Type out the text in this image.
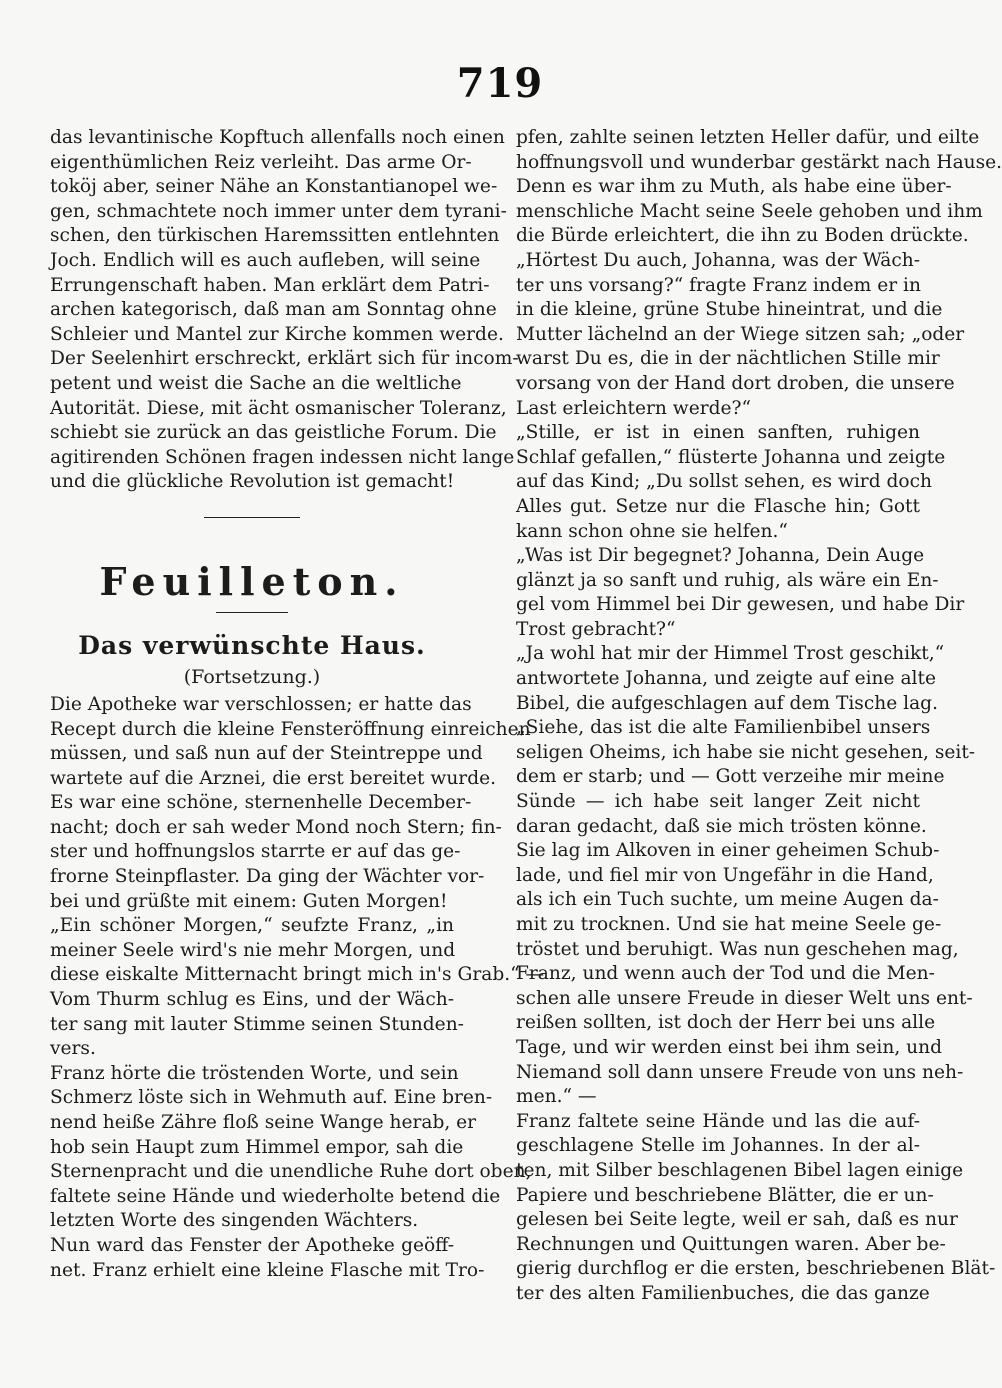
719
das levantinische Kopftuch allenfalls noch einen
eigenthümlichen Reiz verleiht. Das arme Or-
toköj aber, seiner Nähe an Konstantianopel we-
gen, schmachtete noch immer unter dem tyrani-
schen, den türkischen Haremssitten entlehnten
Joch. Endlich will es auch aufleben, will seine
Errungenschaft haben. Man erklärt dem Patri-
archen kategorisch, daß man am Sonntag ohne
Schleier und Mantel zur Kirche kommen werde.
Der Seelenhirt erschreckt, erklärt sich für incom-
petent und weist die Sache an die weltliche
Autorität. Diese, mit ächt osmanischer Toleranz,
schiebt sie zurück an das geistliche Forum. Die
agitirenden Schönen fragen indessen nicht lange
und die glückliche Revolution ist gemacht!
Feuilleton.
Das verwünschte Haus.
(Fortsetzung.)
Die Apotheke war verschlossen; er hatte das
Recept durch die kleine Fensteröffnung einreichen
müssen, und saß nun auf der Steintreppe und
wartete auf die Arznei, die erst bereitet wurde.
Es war eine schöne, sternenhelle December-
nacht; doch er sah weder Mond noch Stern; fin-
ster und hoffnungslos starrte er auf das ge-
frorne Steinpflaster. Da ging der Wächter vor-
bei und grüßte mit einem: Guten Morgen!
„Ein schöner Morgen,“ seufzte Franz, „in
meiner Seele wird's nie mehr Morgen, und
diese eiskalte Mitternacht bringt mich in's Grab.“ —
Vom Thurm schlug es Eins, und der Wäch-
ter sang mit lauter Stimme seinen Stunden-
vers.
Franz hörte die tröstenden Worte, und sein
Schmerz löste sich in Wehmuth auf. Eine bren-
nend heiße Zähre floß seine Wange herab, er
hob sein Haupt zum Himmel empor, sah die
Sternenpracht und die unendliche Ruhe dort oben,
faltete seine Hände und wiederholte betend die
letzten Worte des singenden Wächters.
Nun ward das Fenster der Apotheke geöff-
net. Franz erhielt eine kleine Flasche mit Tro-
pfen, zahlte seinen letzten Heller dafür, und eilte
hoffnungsvoll und wunderbar gestärkt nach Hause.
Denn es war ihm zu Muth, als habe eine über-
menschliche Macht seine Seele gehoben und ihm
die Bürde erleichtert, die ihn zu Boden drückte.
„Hörtest Du auch, Johanna, was der Wäch-
ter uns vorsang?“ fragte Franz indem er in
in die kleine, grüne Stube hineintrat, und die
Mutter lächelnd an der Wiege sitzen sah; „oder
warst Du es, die in der nächtlichen Stille mir
vorsang von der Hand dort droben, die unsere
Last erleichtern werde?“
„Stille, er ist in einen sanften, ruhigen
Schlaf gefallen,“ flüsterte Johanna und zeigte
auf das Kind; „Du sollst sehen, es wird doch
Alles gut. Setze nur die Flasche hin; Gott
kann schon ohne sie helfen.“
„Was ist Dir begegnet? Johanna, Dein Auge
glänzt ja so sanft und ruhig, als wäre ein En-
gel vom Himmel bei Dir gewesen, und habe Dir
Trost gebracht?“
„Ja wohl hat mir der Himmel Trost geschikt,“
antwortete Johanna, und zeigte auf eine alte
Bibel, die aufgeschlagen auf dem Tische lag.
„Siehe, das ist die alte Familienbibel unsers
seligen Oheims, ich habe sie nicht gesehen, seit-
dem er starb; und — Gott verzeihe mir meine
Sünde — ich habe seit langer Zeit nicht
daran gedacht, daß sie mich trösten könne.
Sie lag im Alkoven in einer geheimen Schub-
lade, und fiel mir von Ungefähr in die Hand,
als ich ein Tuch suchte, um meine Augen da-
mit zu trocknen. Und sie hat meine Seele ge-
tröstet und beruhigt. Was nun geschehen mag,
Franz, und wenn auch der Tod und die Men-
schen alle unsere Freude in dieser Welt uns ent-
reißen sollten, ist doch der Herr bei uns alle
Tage, und wir werden einst bei ihm sein, und
Niemand soll dann unsere Freude von uns neh-
men.“ —
Franz faltete seine Hände und las die auf-
geschlagene Stelle im Johannes. In der al-
ten, mit Silber beschlagenen Bibel lagen einige
Papiere und beschriebene Blätter, die er un-
gelesen bei Seite legte, weil er sah, daß es nur
Rechnungen und Quittungen waren. Aber be-
gierig durchflog er die ersten, beschriebenen Blät-
ter des alten Familienbuches, die das ganze
